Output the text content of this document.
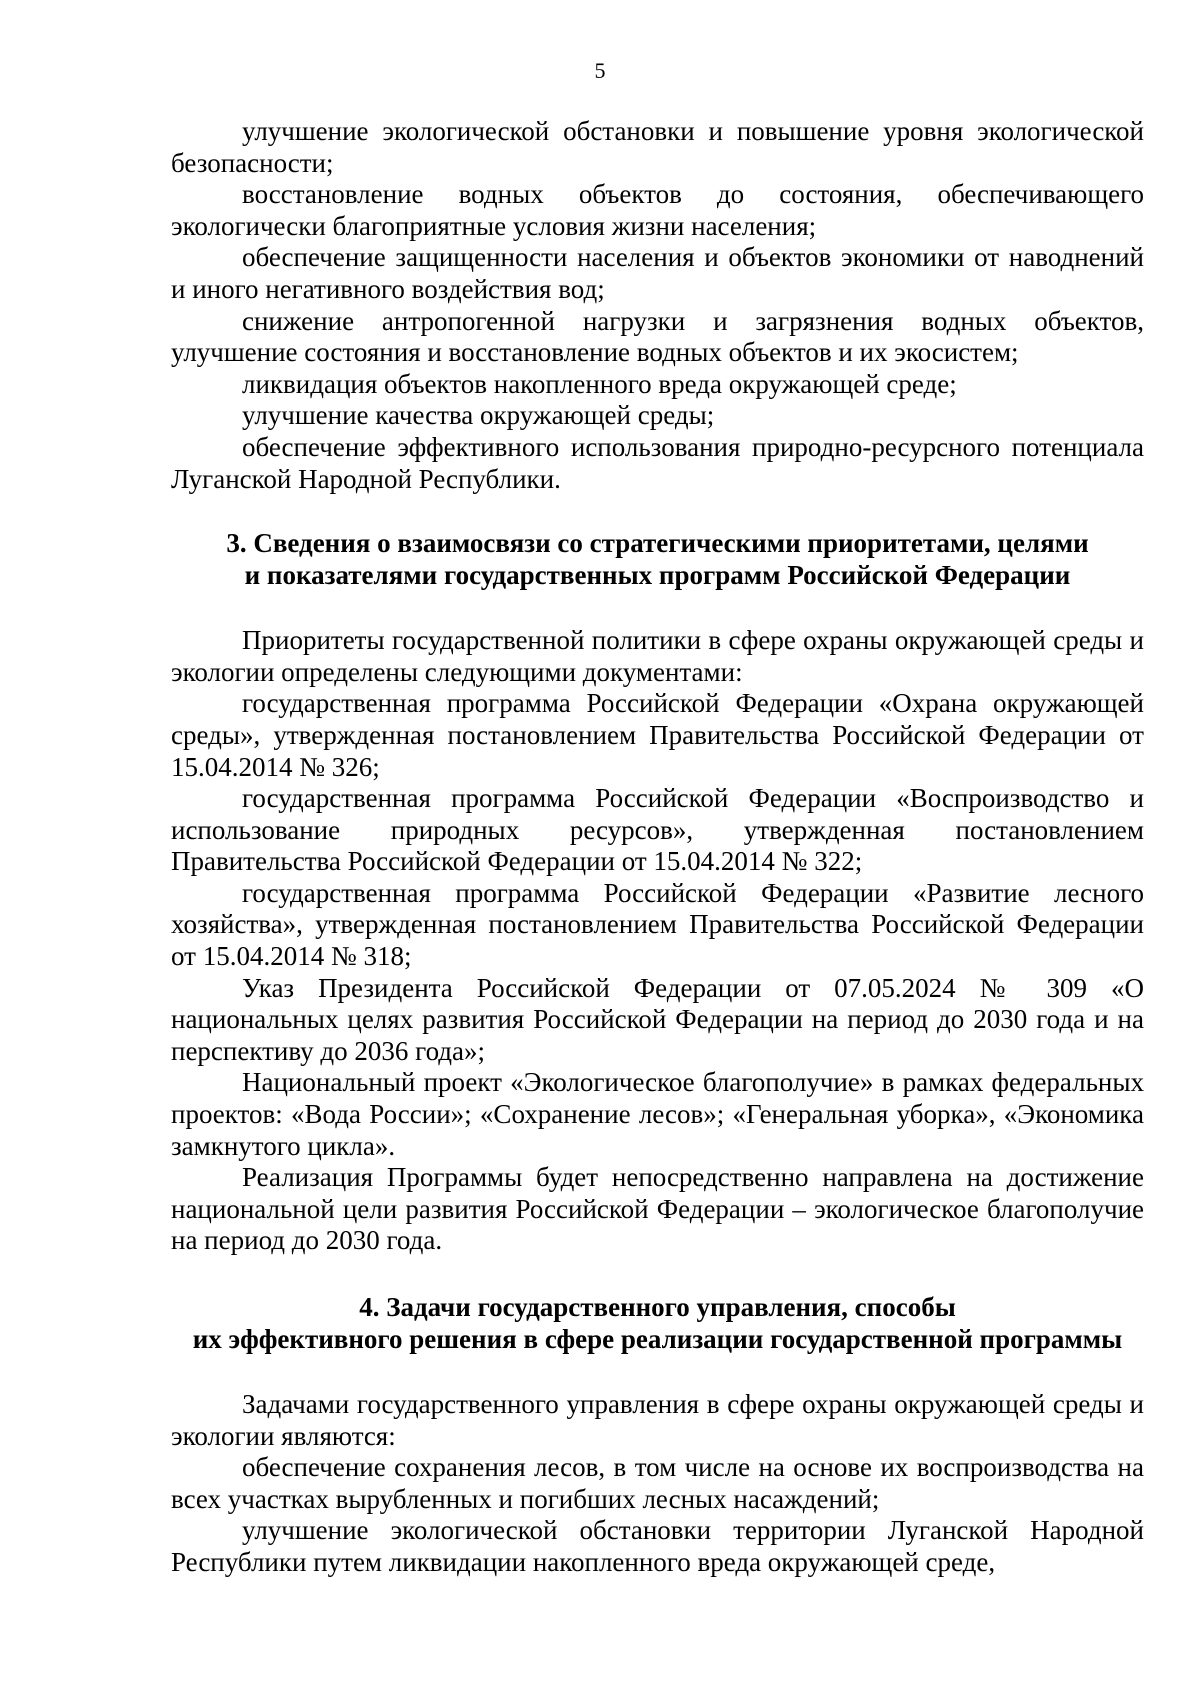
5

улучшение экологической обстановки и повышение уровня экологической безопасности;

восстановление водных объектов до состояния, обеспечивающего экологически благоприятные условия жизни населения;

обеспечение защищенности населения и объектов экономики от наводнений и иного негативного воздействия вод;

снижение антропогенной нагрузки и загрязнения водных объектов, улучшение состояния и восстановление водных объектов и их экосистем;

ликвидация объектов накопленного вреда окружающей среде;

улучшение качества окружающей среды;

обеспечение эффективного использования природно-ресурсного потенциала Луганской Народной Республики.

3. Сведения о взаимосвязи со стратегическими приоритетами, целями
и показателями государственных программ Российской Федерации

Приоритеты государственной политики в сфере охраны окружающей среды и экологии определены следующими документами:

государственная программа Российской Федерации «Охрана окружающей среды», утвержденная постановлением Правительства Российской Федерации от 15.04.2014 № 326;

государственная программа Российской Федерации «Воспроизводство и использование природных ресурсов», утвержденная постановлением Правительства Российской Федерации от 15.04.2014 № 322;

государственная программа Российской Федерации «Развитие лесного хозяйства», утвержденная постановлением Правительства Российской Федерации от 15.04.2014 № 318;

Указ Президента Российской Федерации от 07.05.2024 № 309 «О национальных целях развития Российской Федерации на период до 2030 года и на перспективу до 2036 года»;

Национальный проект «Экологическое благополучие» в рамках федеральных проектов: «Вода России»; «Сохранение лесов»; «Генеральная уборка», «Экономика замкнутого цикла».

Реализация Программы будет непосредственно направлена на достижение национальной цели развития Российской Федерации – экологическое благополучие на период до 2030 года.

4. Задачи государственного управления, способы
их эффективного решения в сфере реализации государственной программы

Задачами государственного управления в сфере охраны окружающей среды и экологии являются:

обеспечение сохранения лесов, в том числе на основе их воспроизводства на всех участках вырубленных и погибших лесных насаждений;

улучшение экологической обстановки территории Луганской Народной Республики путем ликвидации накопленного вреда окружающей среде,
